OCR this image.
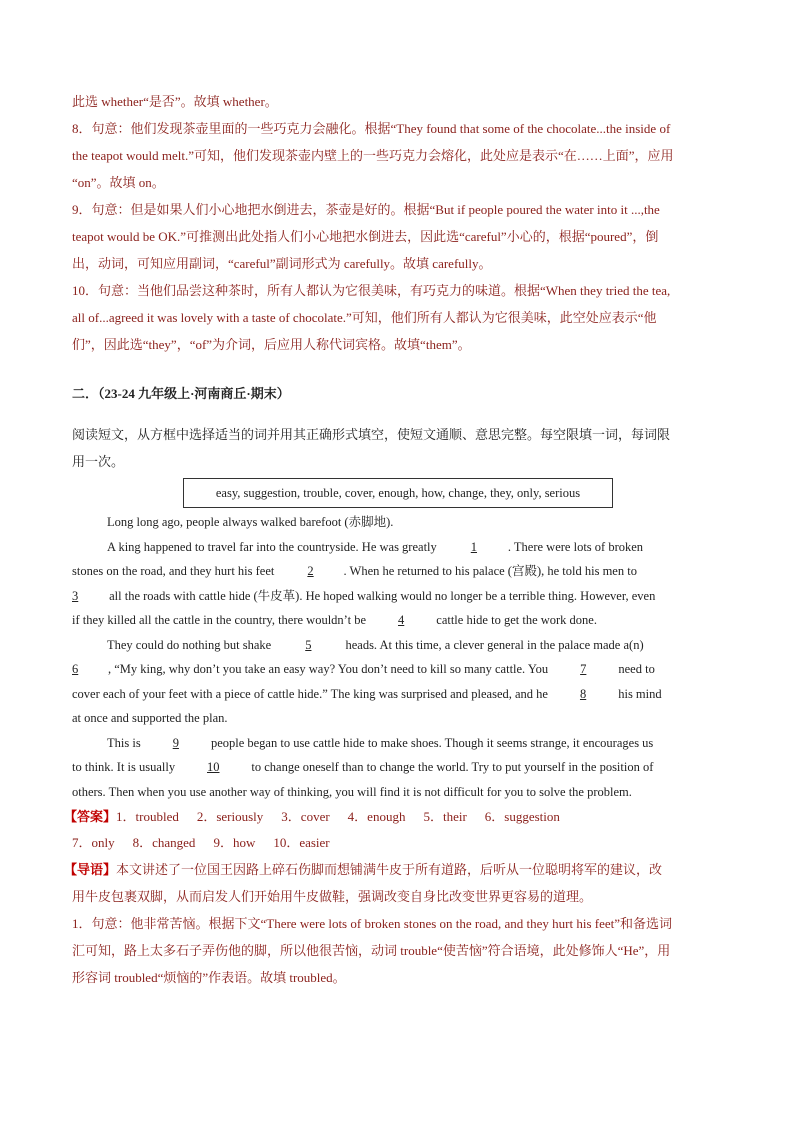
此选 whether“是否”。故填 whether。
8．句意：他们发现茶壶里面的一些巧克力会融化。根据“They found that some of the chocolate...the inside of
the teapot would melt.”可知，他们发现茶壶内壁上的一些巧克力会熔化，此处应是表示“在……上面”，应用
“on”。故填 on。
9．句意：但是如果人们小心地把水倒进去，茶壶是好的。根据“But if people poured the water into it ...,the
teapot would be OK.”可推测出此处指人们小心地把水倒进去，因此选“careful”小心的，根据“poured”，倒
出，动词，可知应用副词，“careful”副词形式为 carefully。故填 carefully。
10．句意：当他们品尝这种茶时，所有人都认为它很美味，有巧克力的味道。根据“When they tried the tea,
all of...agreed it was lovely with a taste of chocolate.”可知，他们所有人都认为它很美味，此空处应表示“他
们”，因此选“they”，“of”为介词，后应用人称代词宾格。故填“them”。
二．（23-24 九年级上·河南商丘·期末）
阅读短文，从方框中选择适当的词并用其正确形式填空，使短文通顺、意思完整。每空限填一词，每词限
用一次。
easy, suggestion, trouble, cover, enough, how, change, they, only, serious
Long long ago, people always walked barefoot (赤脚地).
A king happened to travel far into the countryside. He was greatly 1 . There were lots of broken
stones on the road, and they hurt his feet 2 . When he returned to his palace (宫殿), he told his men to
3 all the roads with cattle hide (牛皮革). He hoped walking would no longer be a terrible thing. However, even
if they killed all the cattle in the country, there wouldn’t be 4 cattle hide to get the work done.
They could do nothing but shake 5 heads. At this time, a clever general in the palace made a(n)
6 , “My king, why don’t you take an easy way? You don’t need to kill so many cattle. You 7 need to
cover each of your feet with a piece of cattle hide.” The king was surprised and pleased, and he 8 his mind
at once and supported the plan.
This is 9 people began to use cattle hide to make shoes. Though it seems strange, it encourages us
to think. It is usually 10 to change oneself than to change the world. Try to put yourself in the position of
others. Then when you use another way of thinking, you will find it is not difficult for you to solve the problem.
【答案】1．troubled 2．seriously 3．cover 4．enough 5．their 6．suggestion
7．only 8．changed 9．how 10．easier
【导语】本文讲述了一位国王因路上碎石伤脚而想铺满牛皮于所有道路，后听从一位聪明将军的建议，改
用牛皮包裹双脚，从而启发人们开始用牛皮做鞋，强调改变自身比改变世界更容易的道理。
1．句意：他非常苦恼。根据下文“There were lots of broken stones on the road, and they hurt his feet”和备选词
汇可知，路上太多石子弄伤他的脚，所以他很苦恼，动词 trouble“使苦恼”符合语境，此处修饰人“He”，用
形容词 troubled“烦恼的”作表语。故填 troubled。
